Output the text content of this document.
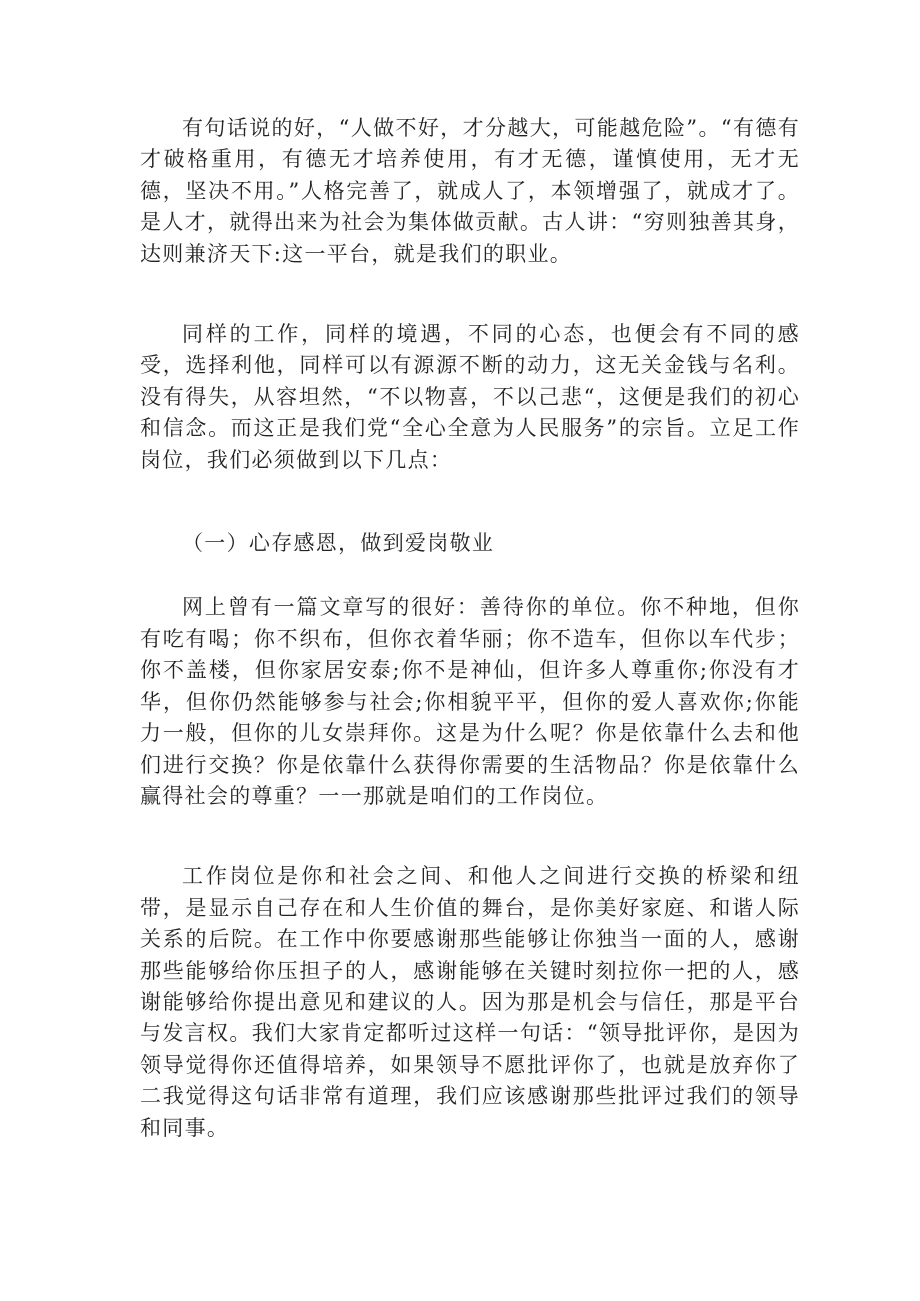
有句话说的好，“人做不好，才分越大，可能越危险”。“有德有才破格重用，有德无才培养使用，有才无德，谨慎使用，无才无德，坚决不用。”人格完善了，就成人了，本领增强了，就成才了。是人才，就得出来为社会为集体做贡献。古人讲：“穷则独善其身，达则兼济天下:这一平台，就是我们的职业。

同样的工作，同样的境遇，不同的心态，也便会有不同的感受，选择利他，同样可以有源源不断的动力，这无关金钱与名利。没有得失，从容坦然，“不以物喜，不以己悲“，这便是我们的初心和信念。而这正是我们党“全心全意为人民服务”的宗旨。立足工作岗位，我们必须做到以下几点：

（一）心存感恩，做到爱岗敬业

网上曾有一篇文章写的很好：善待你的单位。你不种地，但你有吃有喝；你不织布，但你衣着华丽；你不造车，但你以车代步；你不盖楼，但你家居安泰;你不是神仙，但许多人尊重你;你没有才华，但你仍然能够参与社会;你相貌平平，但你的爱人喜欢你;你能力一般，但你的儿女崇拜你。这是为什么呢？你是依靠什么去和他们进行交换？你是依靠什么获得你需要的生活物品？你是依靠什么赢得社会的尊重？一一那就是咱们的工作岗位。

工作岗位是你和社会之间、和他人之间进行交换的桥梁和纽带，是显示自己存在和人生价值的舞台，是你美好家庭、和谐人际关系的后院。在工作中你要感谢那些能够让你独当一面的人，感谢那些能够给你压担子的人，感谢能够在关键时刻拉你一把的人，感谢能够给你提出意见和建议的人。因为那是机会与信任，那是平台与发言权。我们大家肯定都听过这样一句话：“领导批评你，是因为领导觉得你还值得培养，如果领导不愿批评你了，也就是放弃你了二我觉得这句话非常有道理，我们应该感谢那些批评过我们的领导和同事。
